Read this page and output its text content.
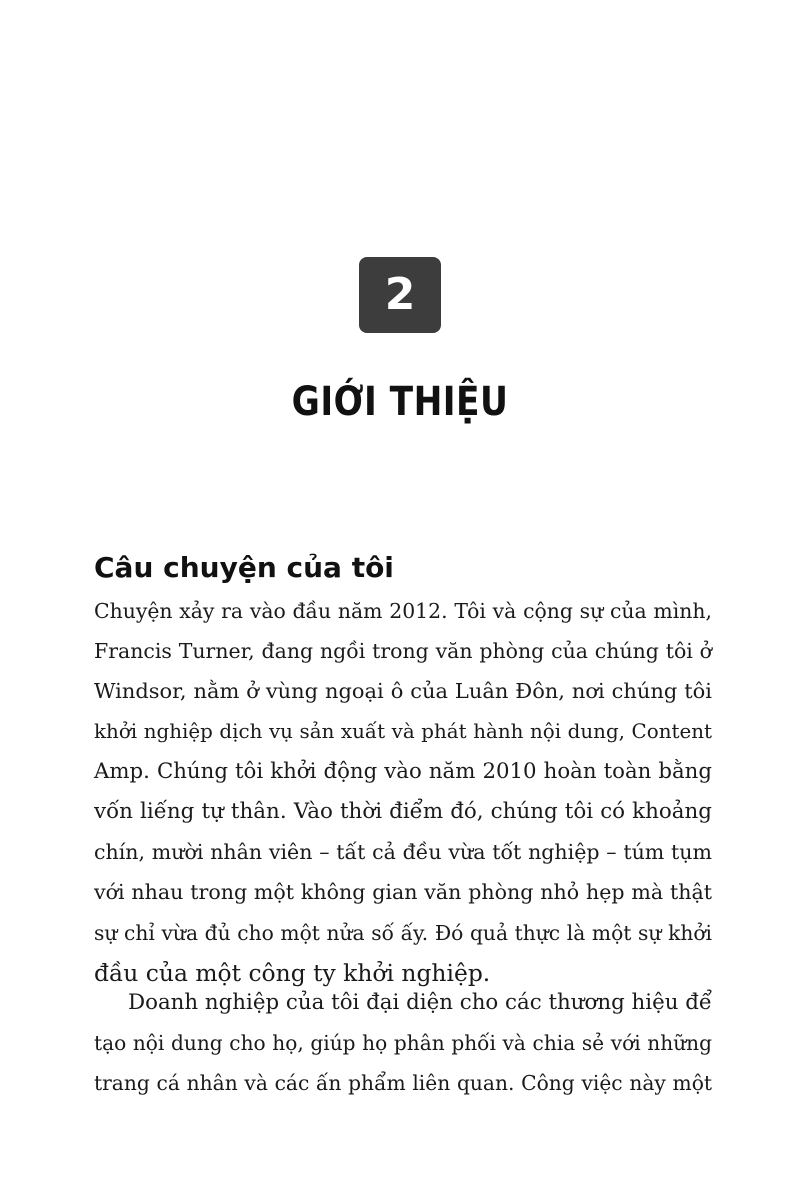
2
GIỚI THIỆU
Câu chuyện của tôi
Chuyện xảy ra vào đầu năm 2012. Tôi và cộng sự của mình,
Francis Turner, đang ngồi trong văn phòng của chúng tôi ở
Windsor, nằm ở vùng ngoại ô của Luân Đôn, nơi chúng tôi
khởi nghiệp dịch vụ sản xuất và phát hành nội dung, Content
Amp. Chúng tôi khởi động vào năm 2010 hoàn toàn bằng
vốn liếng tự thân. Vào thời điểm đó, chúng tôi có khoảng
chín, mười nhân viên – tất cả đều vừa tốt nghiệp – túm tụm
với nhau trong một không gian văn phòng nhỏ hẹp mà thật
sự chỉ vừa đủ cho một nửa số ấy. Đó quả thực là một sự khởi
đầu của một công ty khởi nghiệp.
Doanh nghiệp của tôi đại diện cho các thương hiệu để
tạo nội dung cho họ, giúp họ phân phối và chia sẻ với những
trang cá nhân và các ấn phẩm liên quan. Công việc này một
